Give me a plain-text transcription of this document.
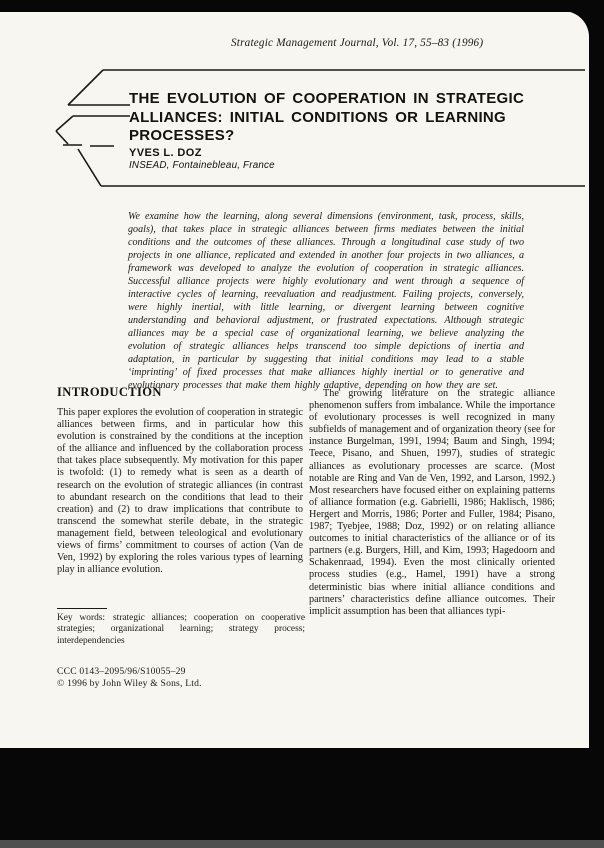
Strategic Management Journal, Vol. 17, 55–83 (1996)
THE EVOLUTION OF COOPERATION IN STRATEGIC
ALLIANCES: INITIAL CONDITIONS OR LEARNING
PROCESSES?
YVES L. DOZ
INSEAD, Fontainebleau, France
We examine how the learning, along several dimensions (environment, task, process, skills, goals), that takes place in strategic alliances between firms mediates between the initial conditions and the outcomes of these alliances. Through a longitudinal case study of two projects in one alliance, replicated and extended in another four projects in two alliances, a framework was developed to analyze the evolution of cooperation in strategic alliances. Successful alliance projects were highly evolutionary and went through a sequence of interactive cycles of learning, reevaluation and readjustment. Failing projects, conversely, were highly inertial, with little learning, or divergent learning between cognitive understanding and behavioral adjustment, or frustrated expectations. Although strategic alliances may be a special case of organizational learning, we believe analyzing the evolution of strategic alliances helps transcend too simple depictions of inertia and adaptation, in particular by suggesting that initial conditions may lead to a stable ‘imprinting’ of fixed processes that make alliances highly inertial or to generative and evolutionary processes that make them highly adaptive, depending on how they are set.
INTRODUCTION
This paper explores the evolution of cooperation in strategic alliances between firms, and in particular how this evolution is constrained by the conditions at the inception of the alliance and influenced by the collaboration process that takes place subsequently. My motivation for this paper is twofold: (1) to remedy what is seen as a dearth of research on the evolution of strategic alliances (in contrast to abundant research on the conditions that lead to their creation) and (2) to draw implications that contribute to transcend the somewhat sterile debate, in the strategic management field, between teleological and evolutionary views of firms’ commitment to courses of action (Van de Ven, 1992) by exploring the roles various types of learning play in alliance evolution.
The growing literature on the strategic alliance phenomenon suffers from imbalance. While the importance of evolutionary processes is well recognized in many subfields of management and of organization theory (see for instance Burgelman, 1991, 1994; Baum and Singh, 1994; Teece, Pisano, and Shuen, 1997), studies of strategic alliances as evolutionary processes are scarce. (Most notable are Ring and Van de Ven, 1992, and Larson, 1992.) Most researchers have focused either on explaining patterns of alliance formation (e.g. Gabrielli, 1986; Haklisch, 1986; Hergert and Morris, 1986; Porter and Fuller, 1984; Pisano, 1987; Tyebjee, 1988; Doz, 1992) or on relating alliance outcomes to initial characteristics of the alliance or of its partners (e.g. Burgers, Hill, and Kim, 1993; Hagedoorn and Schakenraad, 1994). Even the most clinically oriented process studies (e.g., Hamel, 1991) have a strong deterministic bias where initial alliance conditions and partners’ characteristics define alliance outcomes. Their implicit assumption has been that alliances typi-
Key words: strategic alliances; cooperation on cooperative strategies; organizational learning; strategy process; interdependencies
CCC 0143–2095/96/S10055–29
© 1996 by John Wiley & Sons, Ltd.
